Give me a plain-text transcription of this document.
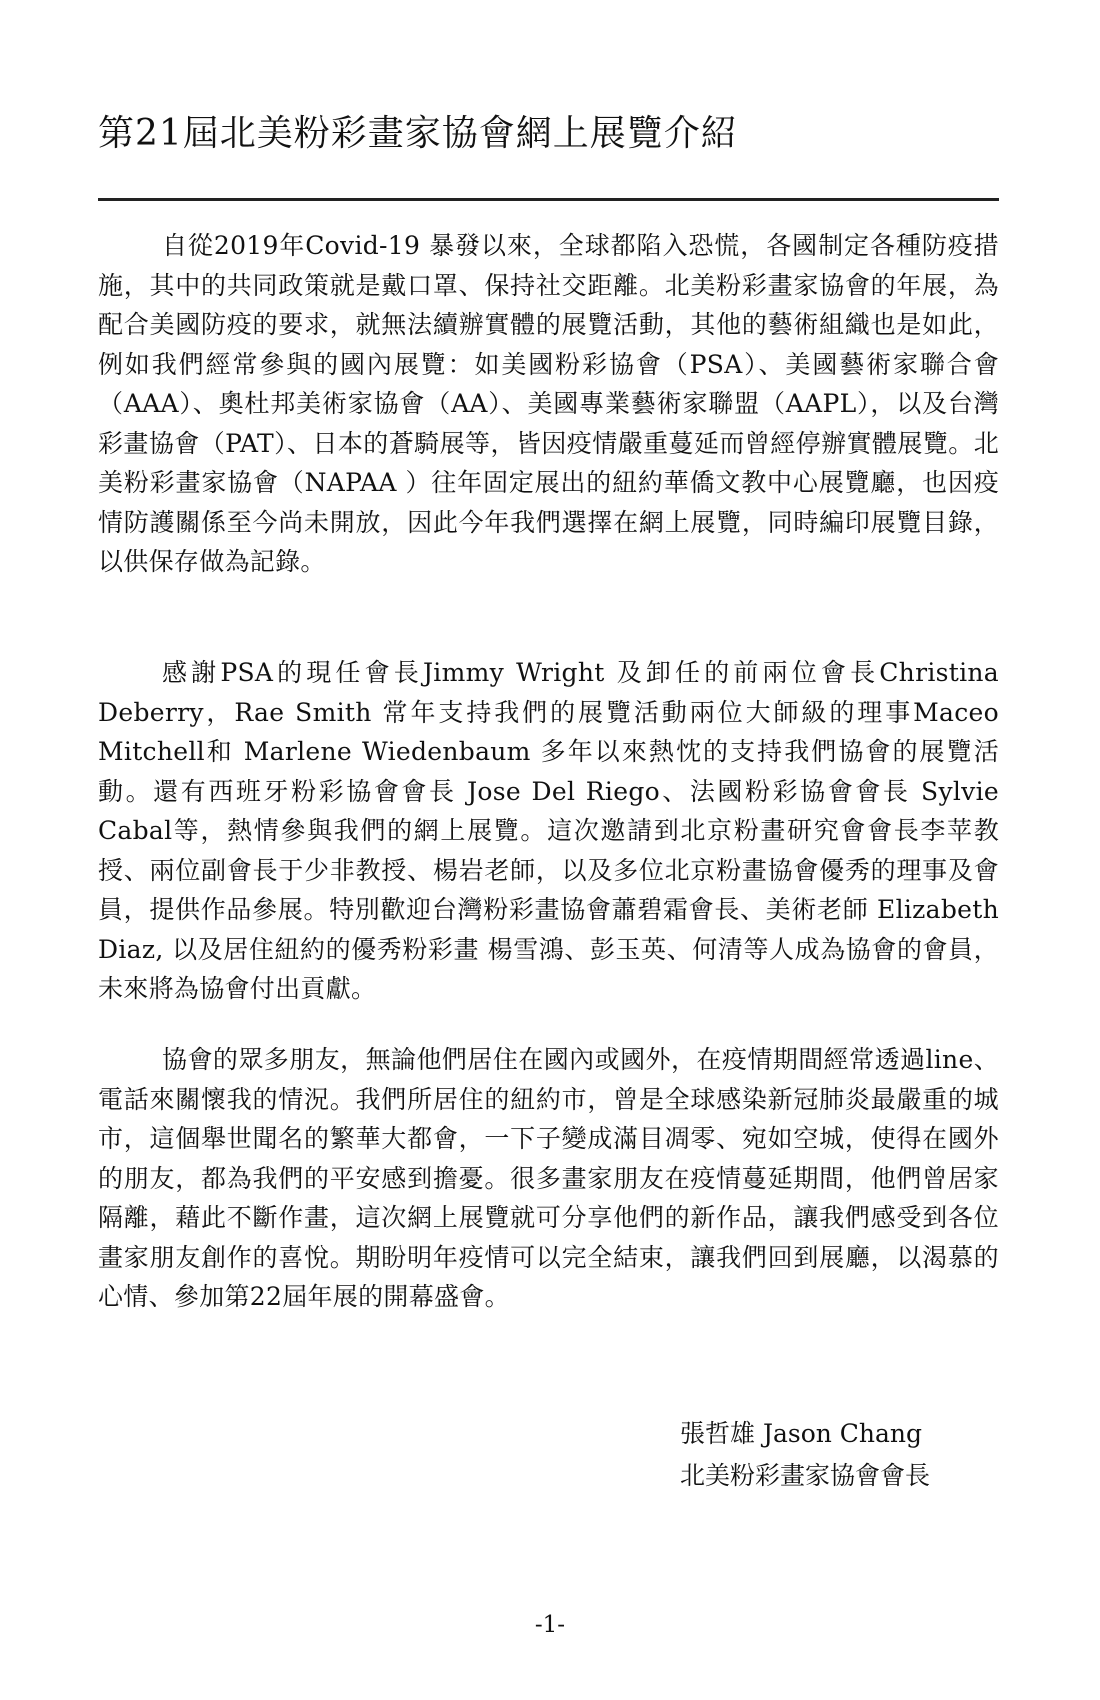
第21屆北美粉彩畫家協會網上展覽介紹

自從2019年Covid-19 暴發以來，全球都陷入恐慌，各國制定各種防疫措施，其中的共同政策就是戴口罩、保持社交距離。北美粉彩畫家協會的年展，為配合美國防疫的要求，就無法續辦實體的展覽活動，其他的藝術組織也是如此，例如我們經常參與的國內展覽：如美國粉彩協會（PSA）、美國藝術家聯合會（AAA）、奧杜邦美術家協會（AA）、美國專業藝術家聯盟（AAPL），以及台灣彩畫協會（PAT）、日本的蒼騎展等，皆因疫情嚴重蔓延而曾經停辦實體展覽。北美粉彩畫家協會（NAPAA ）往年固定展出的紐約華僑文教中心展覽廳，也因疫情防護關係至今尚未開放，因此今年我們選擇在網上展覽，同時編印展覽目錄，以供保存做為記錄。

感謝PSA的現任會長Jimmy Wright 及卸任的前兩位會長Christina Deberry，Rae Smith 常年支持我們的展覽活動兩位大師級的理事Maceo Mitchell和 Marlene Wiedenbaum 多年以來熱忱的支持我們協會的展覽活動。還有西班牙粉彩協會會長 Jose Del Riego、法國粉彩協會會長 Sylvie Cabal等，熱情參與我們的網上展覽。這次邀請到北京粉畫研究會會長李苹教授、兩位副會長于少非教授、楊岩老師，以及多位北京粉畫協會優秀的理事及會員，提供作品參展。特別歡迎台灣粉彩畫協會蕭碧霜會長、美術老師 Elizabeth Diaz, 以及居住紐約的優秀粉彩畫 楊雪鴻、彭玉英、何清等人成為協會的會員，未來將為協會付出貢獻。

協會的眾多朋友，無論他們居住在國內或國外，在疫情期間經常透過line、電話來關懷我的情況。我們所居住的紐約市，曾是全球感染新冠肺炎最嚴重的城市，這個舉世聞名的繁華大都會，一下子變成滿目凋零、宛如空城，使得在國外的朋友，都為我們的平安感到擔憂。很多畫家朋友在疫情蔓延期間，他們曾居家隔離，藉此不斷作畫，這次網上展覽就可分享他們的新作品，讓我們感受到各位畫家朋友創作的喜悅。期盼明年疫情可以完全結束，讓我們回到展廳，以渴慕的心情、參加第22屆年展的開幕盛會。

張哲雄 Jason Chang

北美粉彩畫家協會會長

-1-
